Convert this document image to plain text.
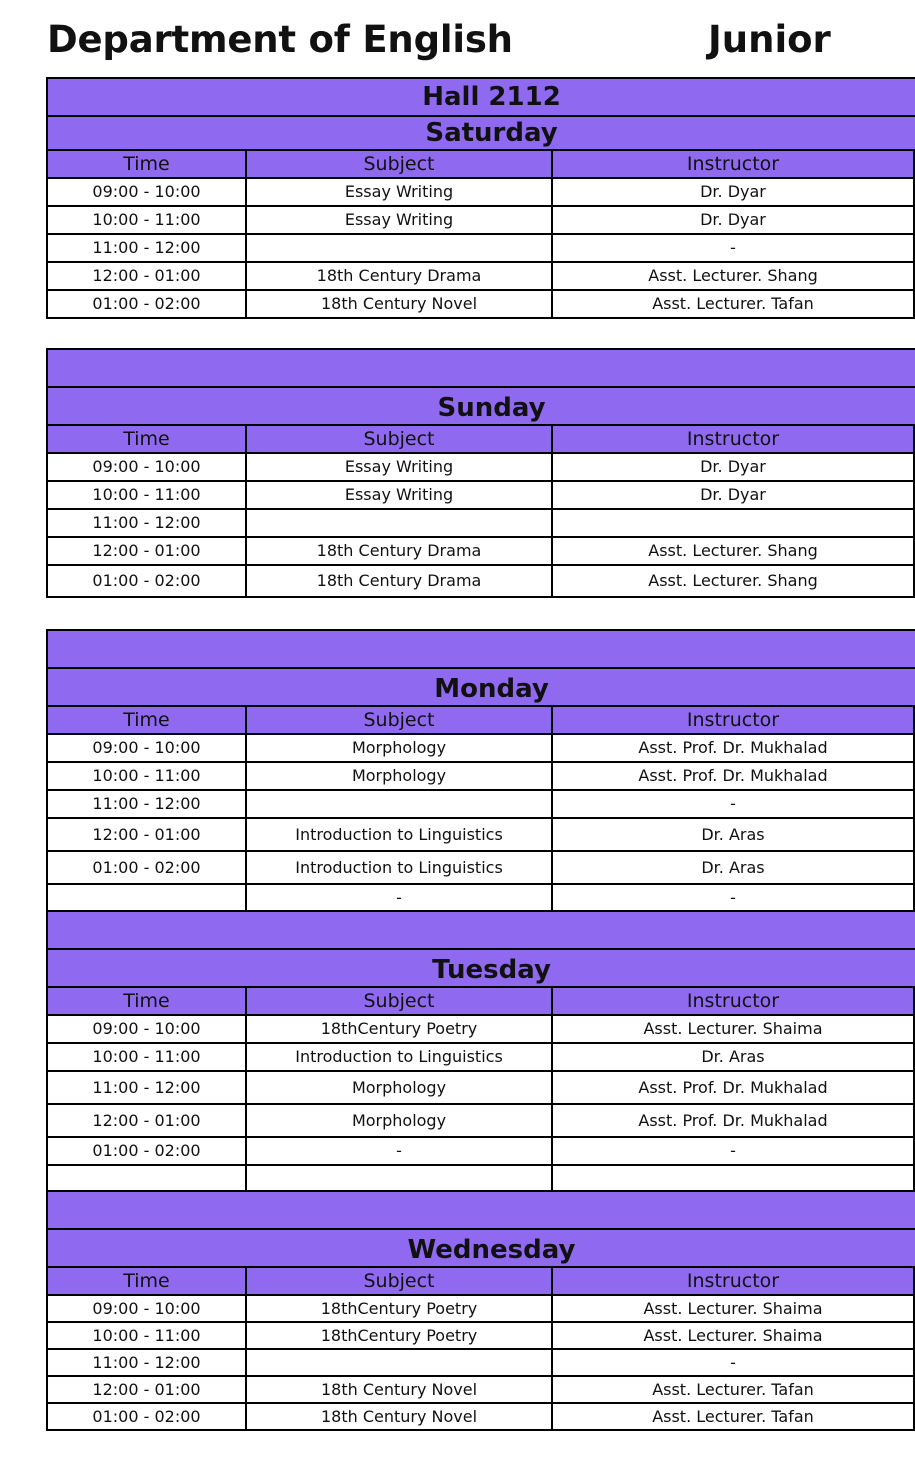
Department of English	Junior
Hall 2112			
Saturday			
Time	Subject	Instructor	
09:00 - 10:00	Essay Writing	Dr. Dyar	
10:00 - 11:00	Essay Writing	Dr. Dyar	
11:00 - 12:00		-	
12:00 - 01:00	18th Century Drama	Asst. Lecturer. Shang	
01:00 - 02:00	18th Century Novel	Asst. Lecturer. Tafan	

Sunday			
Time	Subject	Instructor	
09:00 - 10:00	Essay Writing	Dr. Dyar	
10:00 - 11:00	Essay Writing	Dr. Dyar	
11:00 - 12:00			
12:00 - 01:00	18th Century Drama	Asst. Lecturer. Shang	
01:00 - 02:00	18th Century Drama	Asst. Lecturer. Shang	

Monday			
Time	Subject	Instructor	
09:00 - 10:00	Morphology	Asst. Prof. Dr. Mukhalad	
10:00 - 11:00	Morphology	Asst. Prof. Dr. Mukhalad	
11:00 - 12:00		-	
12:00 - 01:00	Introduction to Linguistics	Dr. Aras	
01:00 - 02:00	Introduction to Linguistics	Dr. Aras	
	-	-	

Tuesday			
Time	Subject	Instructor	
09:00 - 10:00	18thCentury Poetry	Asst. Lecturer. Shaima	
10:00 - 11:00	Introduction to Linguistics	Dr. Aras	
11:00 - 12:00	Morphology	Asst. Prof. Dr. Mukhalad	
12:00 - 01:00	Morphology	Asst. Prof. Dr. Mukhalad	
01:00 - 02:00	-	-	

Wednesday			
Time	Subject	Instructor	
09:00 - 10:00	18thCentury Poetry	Asst. Lecturer. Shaima	
10:00 - 11:00	18thCentury Poetry	Asst. Lecturer. Shaima	
11:00 - 12:00		-	
12:00 - 01:00	18th Century Novel	Asst. Lecturer. Tafan	
01:00 - 02:00	18th Century Novel	Asst. Lecturer. Tafan	
